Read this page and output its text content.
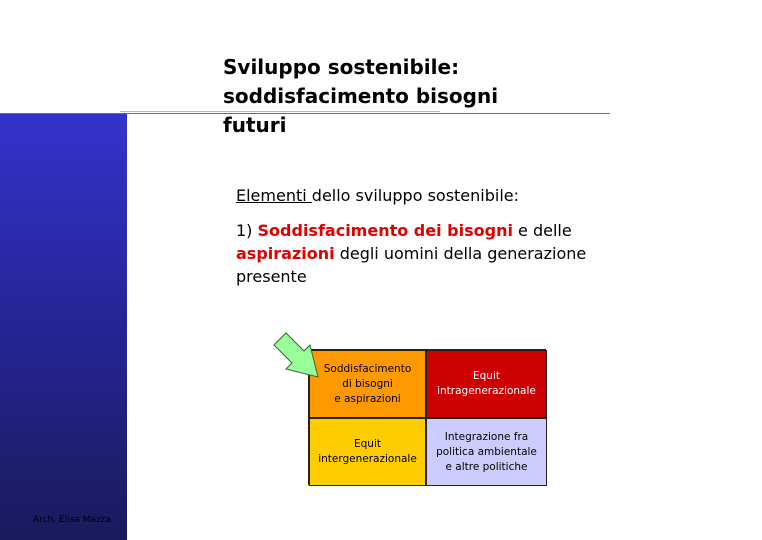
Sviluppo sostenibile:
soddisfacimento bisogni
futuri

Elementi dello sviluppo sostenibile:

1) Soddisfacimento dei bisogni e delle aspirazioni degli uomini della generazione presente

Soddisfacimento
di bisogni
e aspirazioni
Equit
intragenerazionale
Equit
intergenerazionale
Integrazione fra
politica ambientale
e altre politiche
Arch. Elisa Mazza
